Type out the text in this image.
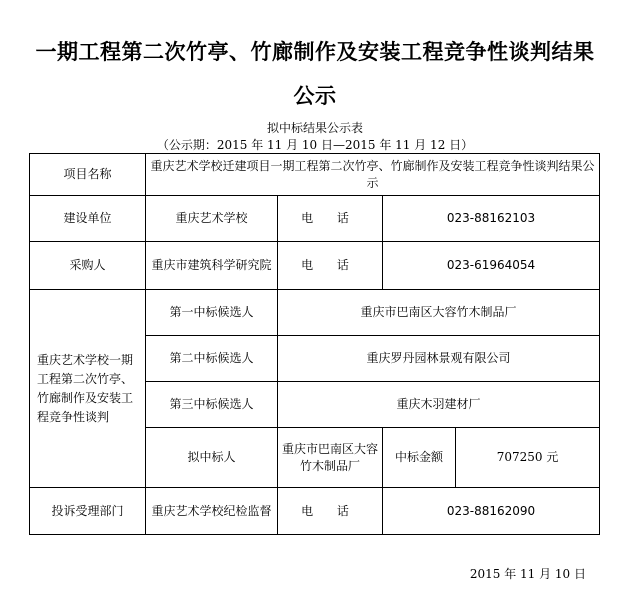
一期工程第二次竹亭、竹廊制作及安装工程竞争性谈判结果
公示
拟中标结果公示表
（公示期：2015 年 11 月 10 日—2015 年 11 月 12 日）
项目名称	重庆艺术学校迁建项目一期工程第二次竹亭、竹廊制作及安装工程竞争性谈判结果公示			
建设单位	重庆艺术学校	电 话	023-88162103	
采购人	重庆市建筑科学研究院	电 话	023-61964054	
重庆艺术学校一期工程第二次竹亭、竹廊制作及安装工程竞争性谈判	第一中标候选人	重庆市巴南区大容竹木制品厂		
	第二中标候选人	重庆罗丹园林景观有限公司		
	第三中标候选人	重庆木羽建材厂		
	拟中标人	重庆市巴南区大容竹木制品厂	中标金额	707250 元
投诉受理部门	重庆艺术学校纪检监督	电 话	023-88162090	
2015 年 11 月 10 日
